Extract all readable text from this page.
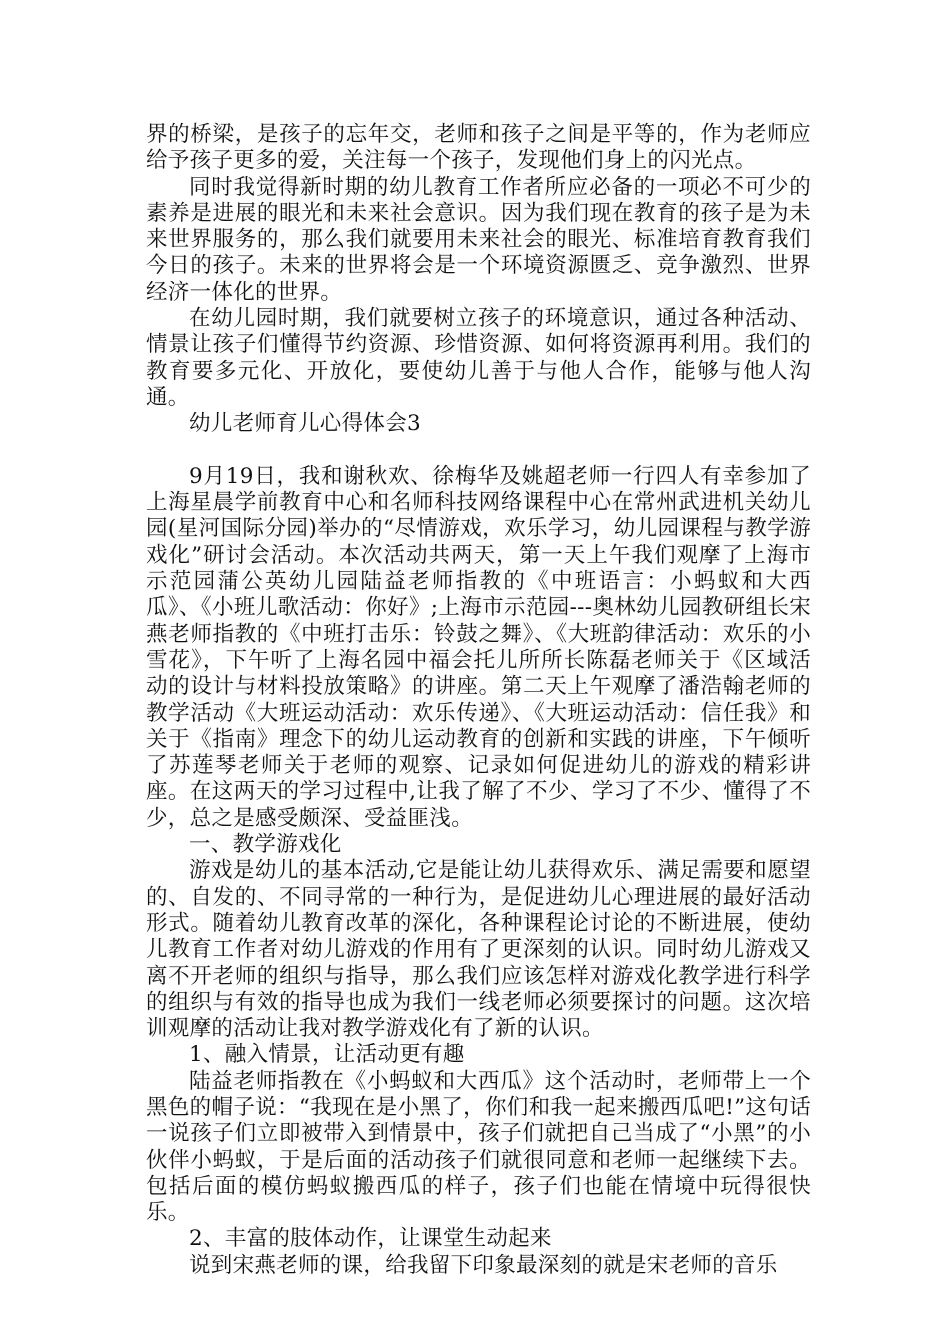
界的桥梁，是孩子的忘年交，老师和孩子之间是平等的，作为老师应给予孩子更多的爱，关注每一个孩子，发现他们身上的闪光点。

同时我觉得新时期的幼儿教育工作者所应必备的一项必不可少的素养是进展的眼光和未来社会意识。因为我们现在教育的孩子是为未来世界服务的，那么我们就要用未来社会的眼光、标准培育教育我们今日的孩子。未来的世界将会是一个环境资源匮乏、竞争激烈、世界经济一体化的世界。

在幼儿园时期，我们就要树立孩子的环境意识，通过各种活动、情景让孩子们懂得节约资源、珍惜资源、如何将资源再利用。我们的教育要多元化、开放化，要使幼儿善于与他人合作，能够与他人沟通。

幼儿老师育儿心得体会3

9月19日，我和谢秋欢、徐梅华及姚超老师一行四人有幸参加了上海星晨学前教育中心和名师科技网络课程中心在常州武进机关幼儿园(星河国际分园)举办的“尽情游戏，欢乐学习，幼儿园课程与教学游戏化”研讨会活动。本次活动共两天，第一天上午我们观摩了上海市示范园蒲公英幼儿园陆益老师指教的《中班语言：小蚂蚁和大西瓜》、《小班儿歌活动：你好》;上海市示范园---奥林幼儿园教研组长宋燕老师指教的《中班打击乐：铃鼓之舞》、《大班韵律活动：欢乐的小雪花》，下午听了上海名园中福会托儿所所长陈磊老师关于《区域活动的设计与材料投放策略》的讲座。第二天上午观摩了潘浩翰老师的教学活动《大班运动活动：欢乐传递》、《大班运动活动：信任我》和关于《指南》理念下的幼儿运动教育的创新和实践的讲座，下午倾听了苏莲琴老师关于老师的观察、记录如何促进幼儿的游戏的精彩讲座。在这两天的学习过程中,让我了解了不少、学习了不少、懂得了不少，总之是感受颇深、受益匪浅。

一、教学游戏化

游戏是幼儿的基本活动,它是能让幼儿获得欢乐、满足需要和愿望的、自发的、不同寻常的一种行为，是促进幼儿心理进展的最好活动形式。随着幼儿教育改革的深化，各种课程论讨论的不断进展，使幼儿教育工作者对幼儿游戏的作用有了更深刻的认识。同时幼儿游戏又离不开老师的组织与指导，那么我们应该怎样对游戏化教学进行科学的组织与有效的指导也成为我们一线老师必须要探讨的问题。这次培训观摩的活动让我对教学游戏化有了新的认识。

1、融入情景，让活动更有趣

陆益老师指教在《小蚂蚁和大西瓜》这个活动时，老师带上一个黑色的帽子说：“我现在是小黑了，你们和我一起来搬西瓜吧!”这句话一说孩子们立即被带入到情景中，孩子们就把自己当成了“小黑”的小伙伴小蚂蚁，于是后面的活动孩子们就很同意和老师一起继续下去。包括后面的模仿蚂蚁搬西瓜的样子，孩子们也能在情境中玩得很快乐。

2、丰富的肢体动作，让课堂生动起来

说到宋燕老师的课，给我留下印象最深刻的就是宋老师的音乐
